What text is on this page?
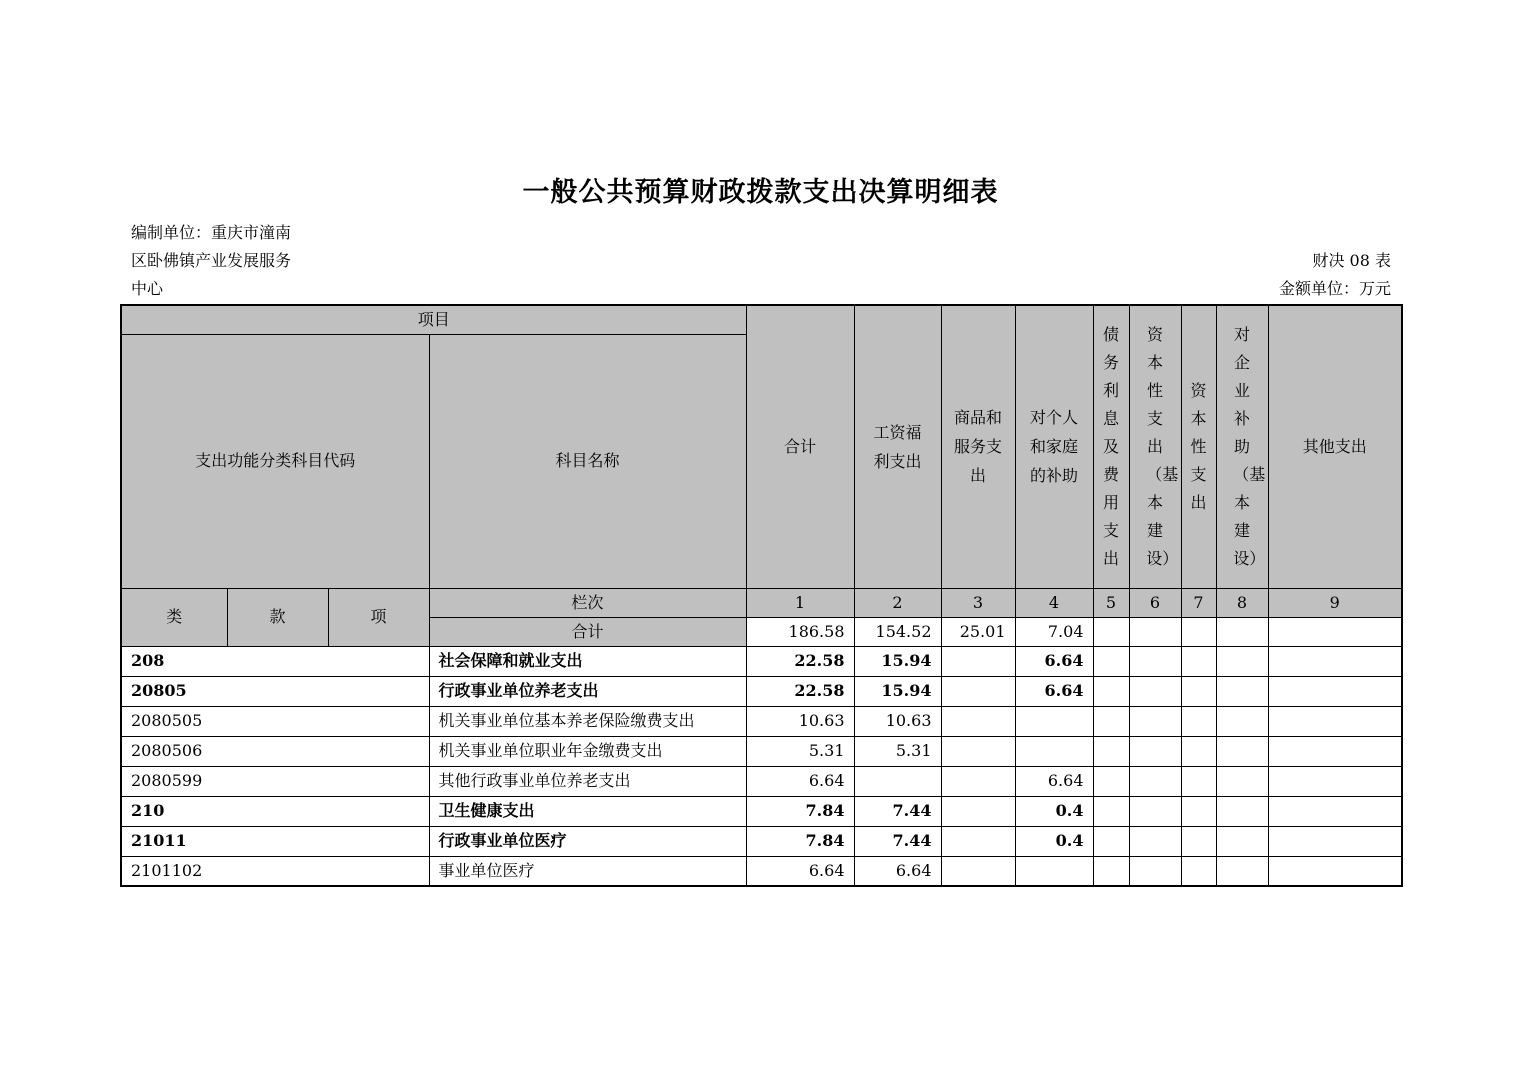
一般公共预算财政拨款支出决算明细表
编制单位：重庆市潼南
区卧佛镇产业发展服务
中心
财决 08 表
金额单位：万元
项目				合计	工资福利支出	商品和服务支出	对个人和家庭的补助	债务利息及费用支出	资本性支出（基本建设）	资本性支出	对企业补助（基本建设）	其他支出
支出功能分类科目代码			科目名称									
类	款	项	栏次	1	2	3	4	5	6	7	8	9
			合计	186.58	154.52	25.01	7.04					
208			社会保障和就业支出	22.58	15.94		6.64					
20805			行政事业单位养老支出	22.58	15.94		6.64					
2080505			机关事业单位基本养老保险缴费支出	10.63	10.63							
2080506			机关事业单位职业年金缴费支出	5.31	5.31							
2080599			其他行政事业单位养老支出	6.64			6.64					
210			卫生健康支出	7.84	7.44		0.4					
21011			行政事业单位医疗	7.84	7.44		0.4					
2101102			事业单位医疗	6.64	6.64							
